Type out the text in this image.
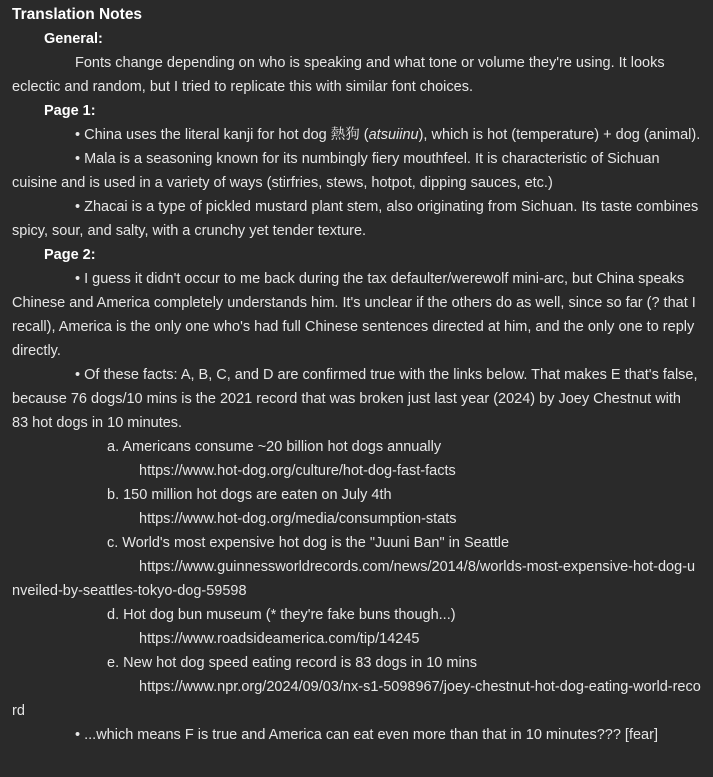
Translation Notes
General:

Fonts change depending on who is speaking and what tone or volume they're using. It looks eclectic and random, but I tried to replicate this with similar font choices.

Page 1:

• China uses the literal kanji for hot dog 熱狗 (atsuiinu), which is hot (temperature) + dog (animal).

• Mala is a seasoning known for its numbingly fiery mouthfeel. It is characteristic of Sichuan cuisine and is used in a variety of ways (stirfries, stews, hotpot, dipping sauces, etc.)

• Zhacai is a type of pickled mustard plant stem, also originating from Sichuan. Its taste combines spicy, sour, and salty, with a crunchy yet tender texture.

Page 2:

• I guess it didn't occur to me back during the tax defaulter/werewolf mini-arc, but China speaks Chinese and America completely understands him. It's unclear if the others do as well, since so far (? that I recall), America is the only one who's had full Chinese sentences directed at him, and the only one to reply directly.

• Of these facts: A, B, C, and D are confirmed true with the links below. That makes E that's false, because 76 dogs/10 mins is the 2021 record that was broken just last year (2024) by Joey Chestnut with 83 hot dogs in 10 minutes.

a. Americans consume ~20 billion hot dogs annually

https://www.hot-dog.org/culture/hot-dog-fast-facts

b. 150 million hot dogs are eaten on July 4th

https://www.hot-dog.org/media/consumption-stats

c. World's most expensive hot dog is the "Juuni Ban" in Seattle

https://www.guinnessworldrecords.com/news/2014/8/worlds-most-expensive-hot-dog-unveiled-by-seattles-tokyo-dog-59598

d. Hot dog bun museum (* they're fake buns though...)

https://www.roadsideamerica.com/tip/14245

e. New hot dog speed eating record is 83 dogs in 10 mins

https://www.npr.org/2024/09/03/nx-s1-5098967/joey-chestnut-hot-dog-eating-world-record

• ...which means F is true and America can eat even more than that in 10 minutes??? [fear]
